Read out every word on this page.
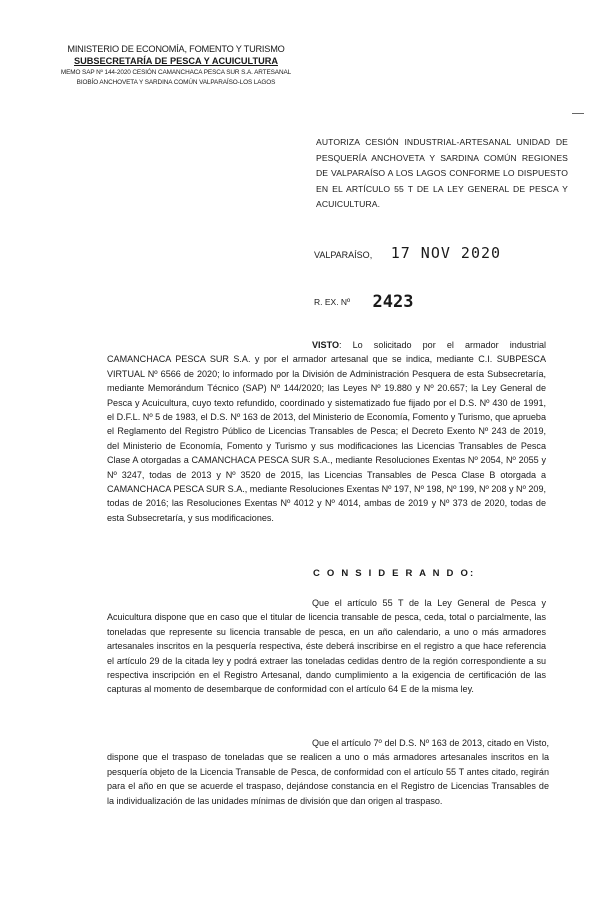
MINISTERIO DE ECONOMÍA, FOMENTO Y TURISMO
SUBSECRETARÍA DE PESCA Y ACUICULTURA
MEMO SAP Nº 144-2020 CESIÓN CAMANCHACA PESCA SUR S.A. ARTESANAL BIOBÍO ANCHOVETA Y SARDINA COMÚN VALPARAÍSO-LOS LAGOS
AUTORIZA CESIÓN INDUSTRIAL-ARTESANAL UNIDAD DE PESQUERÍA ANCHOVETA Y SARDINA COMÚN REGIONES DE VALPARAÍSO A LOS LAGOS CONFORME LO DISPUESTO EN EL ARTÍCULO 55 T DE LA LEY GENERAL DE PESCA Y ACUICULTURA.
VALPARAÍSO, 17 NOV 2020
R. EX. Nº 2423
VISTO: Lo solicitado por el armador industrial CAMANCHACA PESCA SUR S.A. y por el armador artesanal que se indica, mediante C.I. SUBPESCA VIRTUAL Nº 6566 de 2020; lo informado por la División de Administración Pesquera de esta Subsecretaría, mediante Memorándum Técnico (SAP) Nº 144/2020; las Leyes Nº 19.880 y Nº 20.657; la Ley General de Pesca y Acuicultura, cuyo texto refundido, coordinado y sistematizado fue fijado por el D.S. Nº 430 de 1991, el D.F.L. Nº 5 de 1983, el D.S. Nº 163 de 2013, del Ministerio de Economía, Fomento y Turismo, que aprueba el Reglamento del Registro Público de Licencias Transables de Pesca; el Decreto Exento Nº 243 de 2019, del Ministerio de Economía, Fomento y Turismo y sus modificaciones las Licencias Transables de Pesca Clase A otorgadas a CAMANCHACA PESCA SUR S.A., mediante Resoluciones Exentas Nº 2054, Nº 2055 y Nº 3247, todas de 2013 y Nº 3520 de 2015, las Licencias Transables de Pesca Clase B otorgada a CAMANCHACA PESCA SUR S.A., mediante Resoluciones Exentas Nº 197, Nº 198, Nº 199, Nº 208 y Nº 209, todas de 2016; las Resoluciones Exentas Nº 4012 y Nº 4014, ambas de 2019 y Nº 373 de 2020, todas de esta Subsecretaría, y sus modificaciones.
C O N S I D E R A N D O:
Que el artículo 55 T de la Ley General de Pesca y Acuicultura dispone que en caso que el titular de licencia transable de pesca, ceda, total o parcialmente, las toneladas que represente su licencia transable de pesca, en un año calendario, a uno o más armadores artesanales inscritos en la pesquería respectiva, éste deberá inscribirse en el registro a que hace referencia el artículo 29 de la citada ley y podrá extraer las toneladas cedidas dentro de la región correspondiente a su respectiva inscripción en el Registro Artesanal, dando cumplimiento a la exigencia de certificación de las capturas al momento de desembarque de conformidad con el artículo 64 E de la misma ley.
Que el artículo 7º del D.S. Nº 163 de 2013, citado en Visto, dispone que el traspaso de toneladas que se realicen a uno o más armadores artesanales inscritos en la pesquería objeto de la Licencia Transable de Pesca, de conformidad con el artículo 55 T antes citado, regirán para el año en que se acuerde el traspaso, dejándose constancia en el Registro de Licencias Transables de la individualización de las unidades mínimas de división que dan origen al traspaso.
